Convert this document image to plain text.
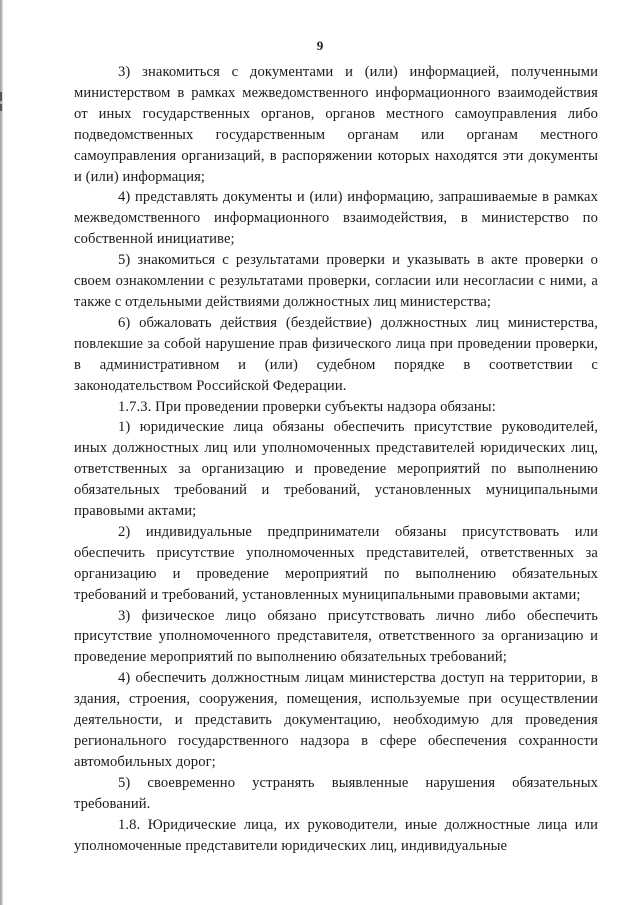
9

3) знакомиться с документами и (или) информацией, полученными министерством в рамках межведомственного информационного взаимодействия от иных государственных органов, органов местного самоуправления либо подведомственных государственным органам или органам местного самоуправления организаций, в распоряжении которых находятся эти документы и (или) информация;

4) представлять документы и (или) информацию, запрашиваемые в рамках межведомственного информационного взаимодействия, в министерство по собственной инициативе;

5) знакомиться с результатами проверки и указывать в акте проверки о своем ознакомлении с результатами проверки, согласии или несогласии с ними, а также с отдельными действиями должностных лиц министерства;

6) обжаловать действия (бездействие) должностных лиц министерства, повлекшие за собой нарушение прав физического лица при проведении проверки, в административном и (или) судебном порядке в соответствии с законодательством Российской Федерации.

1.7.3. При проведении проверки субъекты надзора обязаны:

1) юридические лица обязаны обеспечить присутствие руководителей, иных должностных лиц или уполномоченных представителей юридических лиц, ответственных за организацию и проведение мероприятий по выполнению обязательных требований и требований, установленных муниципальными правовыми актами;

2) индивидуальные предприниматели обязаны присутствовать или обеспечить присутствие уполномоченных представителей, ответственных за организацию и проведение мероприятий по выполнению обязательных требований и требований, установленных муниципальными правовыми актами;

3) физическое лицо обязано присутствовать лично либо обеспечить присутствие уполномоченного представителя, ответственного за организацию и проведение мероприятий по выполнению обязательных требований;

4) обеспечить должностным лицам министерства доступ на территории, в здания, строения, сооружения, помещения, используемые при осуществлении деятельности, и представить документацию, необходимую для проведения регионального государственного надзора в сфере обеспечения сохранности автомобильных дорог;

5) своевременно устранять выявленные нарушения обязательных требований.

1.8. Юридические лица, их руководители, иные должностные лица или уполномоченные представители юридических лиц, индивидуальные
